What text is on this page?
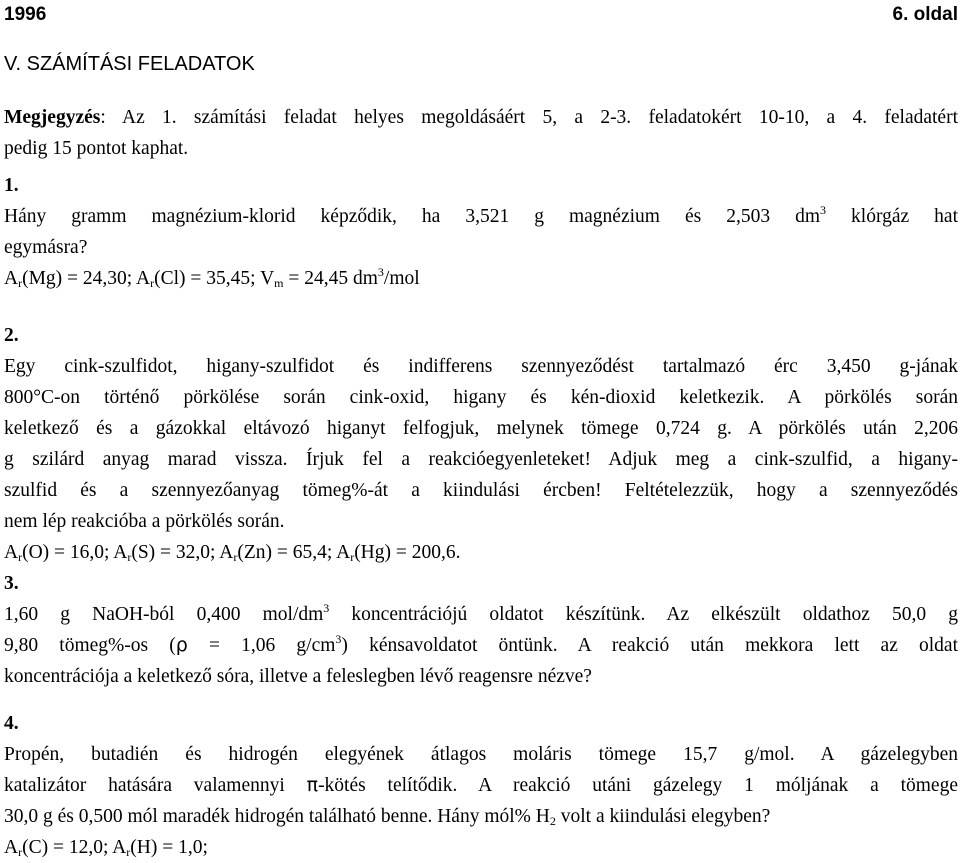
1996	6. oldal
V. SZÁMÍTÁSI FELADATOK
Megjegyzés: Az 1. számítási feladat helyes megoldásáért 5, a 2-3. feladatokért 10-10, a 4. feladatért
pedig 15 pontot kaphat.
1.
Hány gramm magnézium-klorid képződik, ha 3,521 g magnézium és 2,503 $dm^3$ klórgáz hat
egymásra?
$A_r(Mg) = 24,30$; $A_r(Cl) = 35,45$; $V_m = 24,45$ $dm^3$/mol
2.
Egy cink-szulfidot, higany-szulfidot és indifferens szennyeződést tartalmazó érc 3,450 g-jának
800°C-on történő pörkölése során cink-oxid, higany és kén-dioxid keletkezik. A pörkölés során
keletkező és a gázokkal eltávozó higanyt felfogjuk, melynek tömege 0,724 g. A pörkölés után 2,206
g szilárd anyag marad vissza. Írjuk fel a reakcióegyenleteket! Adjuk meg a cink-szulfid, a higany-
szulfid és a szennyezőanyag tömeg%-át a kiindulási ércben! Feltételezzük, hogy a szennyeződés
nem lép reakcióba a pörkölés során.
$A_r(O) = 16,0$; $A_r(S) = 32,0$; $A_r(Zn) = 65,4$; $A_r(Hg) = 200,6$.
3.
1,60 g NaOH-ból 0,400 mol/$dm^3$ koncentrációjú oldatot készítünk. Az elkészült oldathoz 50,0 g
9,80 tömeg%-os (ρ = 1,06 $g/cm^3$) kénsavoldatot öntünk. A reakció után mekkora lett az oldat
koncentrációja a keletkező sóra, illetve a feleslegben lévő reagensre nézve?
4.
Propén, butadién és hidrogén elegyének átlagos moláris tömege 15,7 g/mol. A gázelegyben
katalizátor hatására valamennyi π-kötés telítődik. A reakció utáni gázelegy 1 móljának a tömege
30,0 g és 0,500 mól maradék hidrogén található benne. Hány mól% $H_2$ volt a kiindulási elegyben?
$A_r(C) = 12,0$; $A_r(H) = 1,0$;
